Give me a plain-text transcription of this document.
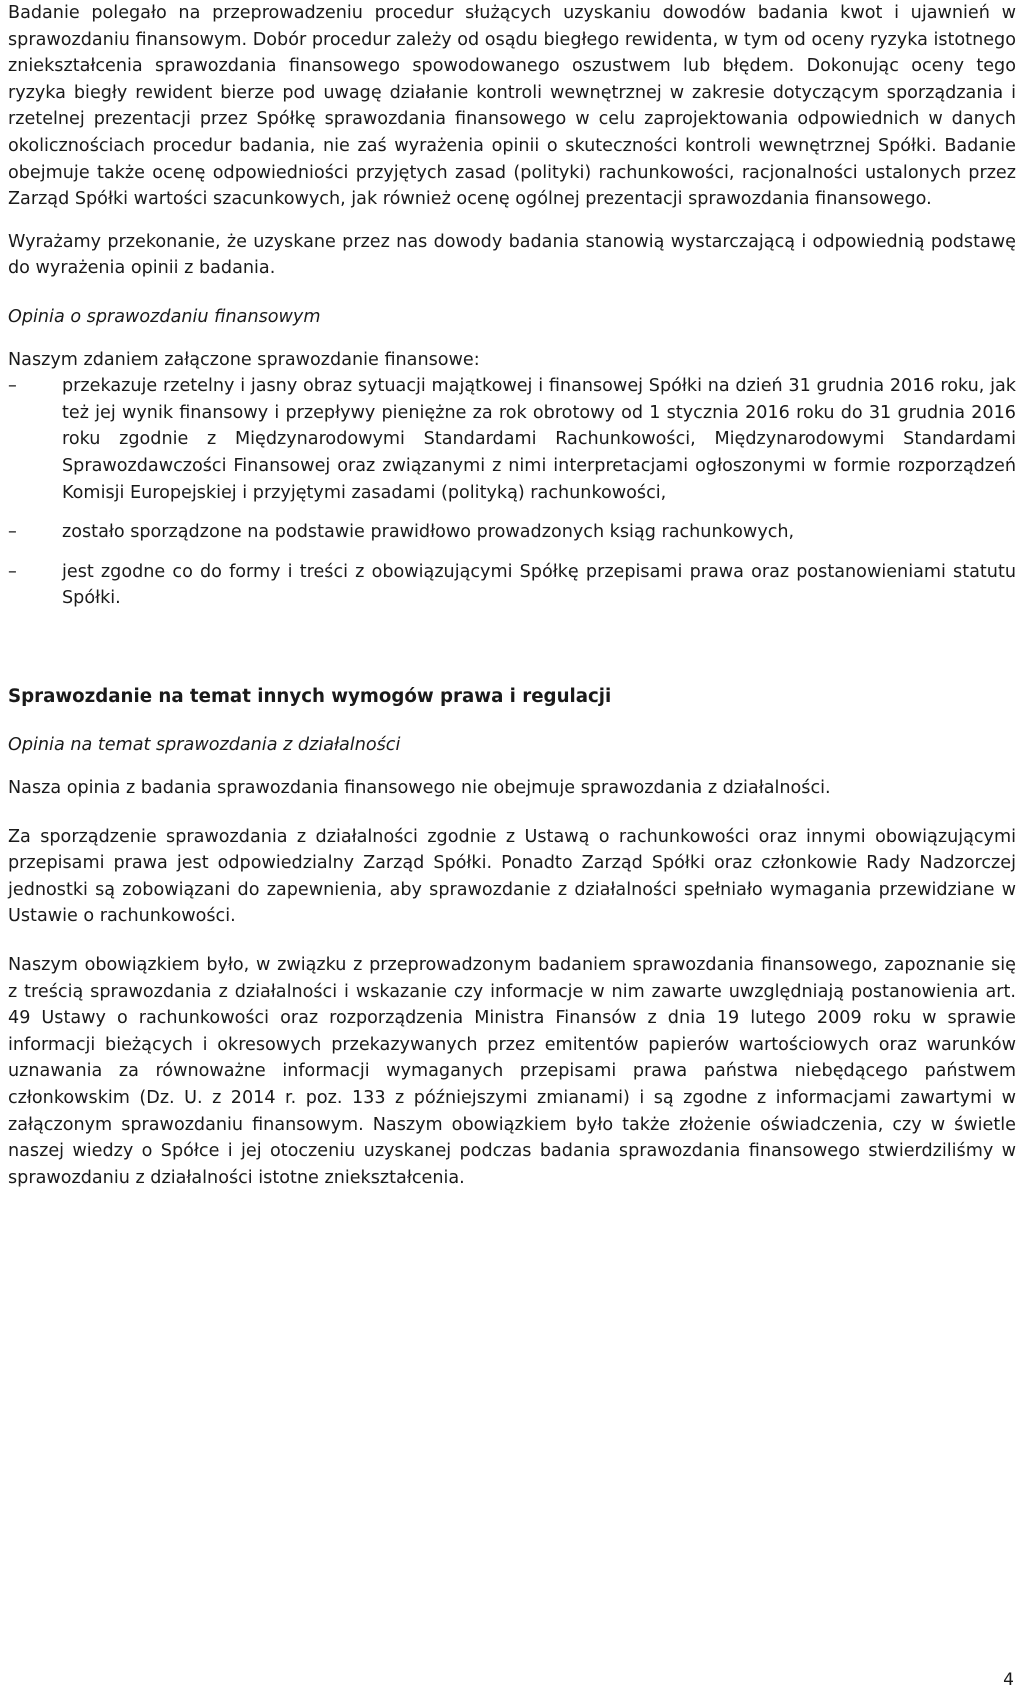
Badanie polegało na przeprowadzeniu procedur służących uzyskaniu dowodów badania kwot i ujawnień w sprawozdaniu finansowym. Dobór procedur zależy od osądu biegłego rewidenta, w tym od oceny ryzyka istotnego zniekształcenia sprawozdania finansowego spowodowanego oszustwem lub błędem. Dokonując oceny tego ryzyka biegły rewident bierze pod uwagę działanie kontroli wewnętrznej w zakresie dotyczącym sporządzania i rzetelnej prezentacji przez Spółkę sprawozdania finansowego w celu zaprojektowania odpowiednich w danych okolicznościach procedur badania, nie zaś wyrażenia opinii o skuteczności kontroli wewnętrznej Spółki. Badanie obejmuje także ocenę odpowiedniości przyjętych zasad (polityki) rachunkowości, racjonalności ustalonych przez Zarząd Spółki wartości szacunkowych, jak również ocenę ogólnej prezentacji sprawozdania finansowego.

Wyrażamy przekonanie, że uzyskane przez nas dowody badania stanowią wystarczającą i odpowiednią podstawę do wyrażenia opinii z badania.

Opinia o sprawozdaniu finansowym

Naszym zdaniem załączone sprawozdanie finansowe:

–	przekazuje rzetelny i jasny obraz sytuacji majątkowej i finansowej Spółki na dzień 31 grudnia 2016 roku, jak też jej wynik finansowy i przepływy pieniężne za rok obrotowy od 1 stycznia 2016 roku do 31 grudnia 2016 roku zgodnie z Międzynarodowymi Standardami Rachunkowości, Międzynarodowymi Standardami Sprawozdawczości Finansowej oraz związanymi z nimi interpretacjami ogłoszonymi w formie rozporządzeń Komisji Europejskiej i przyjętymi zasadami (polityką) rachunkowości,
–	zostało sporządzone na podstawie prawidłowo prowadzonych ksiąg rachunkowych,
–	jest zgodne co do formy i treści z obowiązującymi Spółkę przepisami prawa oraz postanowieniami statutu Spółki.

Sprawozdanie na temat innych wymogów prawa i regulacji

Opinia na temat sprawozdania z działalności

Nasza opinia z badania sprawozdania finansowego nie obejmuje sprawozdania z działalności.

Za sporządzenie sprawozdania z działalności zgodnie z Ustawą o rachunkowości oraz innymi obowiązującymi przepisami prawa jest odpowiedzialny Zarząd Spółki. Ponadto Zarząd Spółki oraz członkowie Rady Nadzorczej jednostki są zobowiązani do zapewnienia, aby sprawozdanie z działalności spełniało wymagania przewidziane w Ustawie o rachunkowości.

Naszym obowiązkiem było, w związku z przeprowadzonym badaniem sprawozdania finansowego, zapoznanie się z treścią sprawozdania z działalności i wskazanie czy informacje w nim zawarte uwzględniają postanowienia art. 49 Ustawy o rachunkowości oraz rozporządzenia Ministra Finansów z dnia 19 lutego 2009 roku w sprawie informacji bieżących i okresowych przekazywanych przez emitentów papierów wartościowych oraz warunków uznawania za równoważne informacji wymaganych przepisami prawa państwa niebędącego państwem członkowskim (Dz. U. z 2014 r. poz. 133 z późniejszymi zmianami) i są zgodne z informacjami zawartymi w załączonym sprawozdaniu finansowym. Naszym obowiązkiem było także złożenie oświadczenia, czy w świetle naszej wiedzy o Spółce i jej otoczeniu uzyskanej podczas badania sprawozdania finansowego stwierdziliśmy w sprawozdaniu z działalności istotne zniekształcenia.

4
